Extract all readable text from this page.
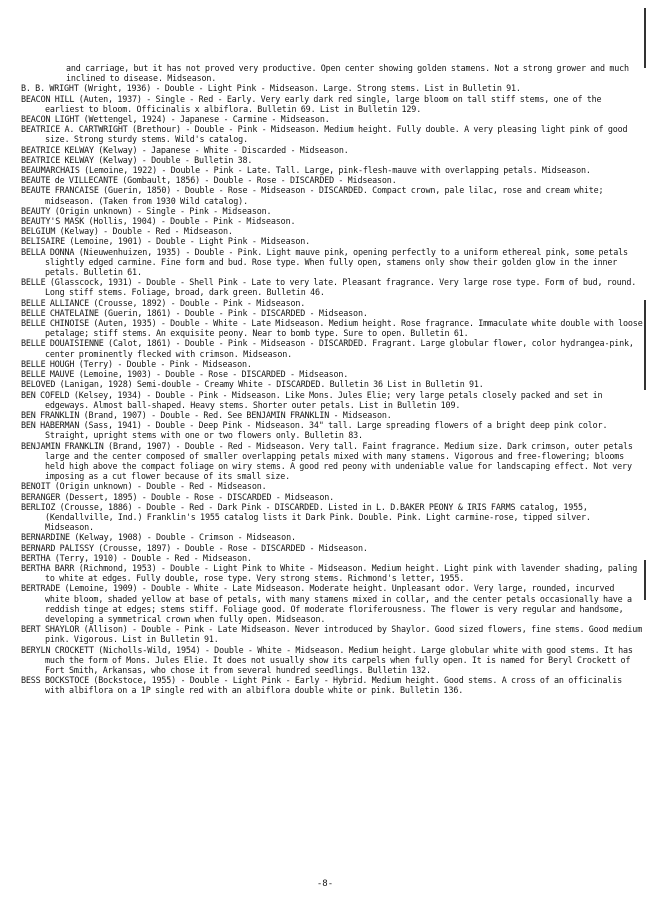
and carriage, but it has not proved very productive. Open center showing golden stamens. Not a strong grower and much inclined to disease. Midseason.

B. B. WRIGHT (Wright, 1936) - Double - Light Pink - Midseason. Large. Strong stems. List in Bulletin 91.

BEACON HILL (Auten, 1937) - Single - Red - Early. Very early dark red single, large bloom on tall stiff stems, one of the earliest to bloom. Officinalis x albiflora. Bulletin 69. List in Bulletin 129.

BEACON LIGHT (Wettengel, 1924) - Japanese - Carmine - Midseason.

BEATRICE A. CARTWRIGHT (Brethour) - Double - Pink - Midseason. Medium height. Fully double. A very pleasing light pink of good size. Strong sturdy stems. Wild's catalog.

BEATRICE KELWAY (Kelway) - Japanese - White - Discarded - Midseason.

BEATRICE KELWAY (Kelway) - Double - Bulletin 38.

BEAUMARCHAIS (Lemoine, 1922) - Double - Pink - Late. Tall. Large, pink-flesh-mauve with overlapping petals. Midseason.

BEAUTE de VILLECANTE (Gombault, 1856) - Double - Rose - DISCARDED - Midseason.

BEAUTE FRANCAISE (Guerin, 1850) - Double - Rose - Midseason - DISCARDED. Compact crown, pale lilac, rose and cream white; midseason. (Taken from 1930 Wild catalog).

BEAUTY (Origin unknown) - Single - Pink - Midseason.

BEAUTY'S MASK (Hollis, 1904) - Double - Pink - Midseason.

BELGIUM (Kelway) - Double - Red - Midseason.

BELISAIRE (Lemoine, 1901) - Double - Light Pink - Midseason.

BELLA DONNA (Nieuwenhuizen, 1935) - Double - Pink. Light mauve pink, opening perfectly to a uniform ethereal pink, some petals slightly edged carmine. Fine form and bud. Rose type. When fully open, stamens only show their golden glow in the inner petals. Bulletin 61.

BELLE (Glasscock, 1931) - Double - Shell Pink - Late to very late. Pleasant fragrance. Very large rose type. Form of bud, round. Long stiff stems. Foliage, broad, dark green. Bulletin 46.

BELLE ALLIANCE (Crousse, 1892) - Double - Pink - Midseason.

BELLE CHATELAINE (Guerin, 1861) - Double - Pink - DISCARDED - Midseason.

BELLE CHINOISE (Auten, 1935) - Double - White - Late Midseason. Medium height. Rose fragrance. Immaculate white double with loose petalage; stiff stems. An exquisite peony. Near to bomb type. Sure to open. Bulletin 61.

BELLE DOUAISIENNE (Calot, 1861) - Double - Pink - Midseason - DISCARDED. Fragrant. Large globular flower, color hydrangea-pink, center prominently flecked with crimson. Midseason.

BELLE HOUGH (Terry) - Double - Pink - Midseason.

BELLE MAUVE (Lemoine, 1903) - Double - Rose - DISCARDED - Midseason.

BELOVED (Lanigan, 1928) Semi-double - Creamy White - DISCARDED. Bulletin 36 List in Bulletin 91.

BEN COFELD (Kelsey, 1934) - Double - Pink - Midseason. Like Mons. Jules Elie; very large petals closely packed and set in edgeways. Almost ball-shaped. Heavy stems. Shorter outer petals. List in Bulletin 109.

BEN FRANKLIN (Brand, 1907) - Double - Red. See BENJAMIN FRANKLIN - Midseason.

BEN HABERMAN (Sass, 1941) - Double - Deep Pink - Midseason. 34" tall. Large spreading flowers of a bright deep pink color. Straight, upright stems with one or two flowers only. Bulletin 83.

BENJAMIN FRANKLIN (Brand, 1907) - Double - Red - Midseason. Very tall. Faint fragrance. Medium size. Dark crimson, outer petals large and the center composed of smaller overlapping petals mixed with many stamens. Vigorous and free-flowering; blooms held high above the compact foliage on wiry stems. A good red peony with undeniable value for landscaping effect. Not very imposing as a cut flower because of its small size.

BENOIT (Origin unknown) - Double - Red - Midseason.

BERANGER (Dessert, 1895) - Double - Rose - DISCARDED - Midseason.

BERLIOZ (Crousse, 1886) - Double - Red - Dark Pink - DISCARDED. Listed in L. D.BAKER PEONY & IRIS FARMS catalog, 1955, (Kendallville, Ind.) Franklin's 1955 catalog lists it Dark Pink. Double. Pink. Light carmine-rose, tipped silver. Midseason.

BERNARDINE (Kelway, 1908) - Double - Crimson - Midseason.

BERNARD PALISSY (Crousse, 1897) - Double - Rose - DISCARDED - Midseason.

BERTHA (Terry, 1910) - Double - Red - Midseason.

BERTHA BARR (Richmond, 1953) - Double - Light Pink to White - Midseason. Medium height. Light pink with lavender shading, paling to white at edges. Fully double, rose type. Very strong stems. Richmond's letter, 1955.

BERTRADE (Lemoine, 1909) - Double - White - Late Midseason. Moderate height. Unpleasant odor. Very large, rounded, incurved white bloom, shaded yellow at base of petals, with many stamens mixed in collar, and the center petals occasionally have a reddish tinge at edges; stems stiff. Foliage good. Of moderate floriferousness. The flower is very regular and handsome, developing a symmetrical crown when fully open. Midseason.

BERT SHAYLOR (Allison) - Double - Pink - Late Midseason. Never introduced by Shaylor. Good sized flowers, fine stems. Good medium pink. Vigorous. List in Bulletin 91.

BERYLN CROCKETT (Nicholls-Wild, 1954) - Double - White - Midseason. Medium height. Large globular white with good stems. It has much the form of Mons. Jules Elie. It does not usually show its carpels when fully open. It is named for Beryl Crockett of Fort Smith, Arkansas, who chose it from several hundred seedlings. Bulletin 132.

BESS BOCKSTOCE (Bockstoce, 1955) - Double - Light Pink - Early - Hybrid. Medium height. Good stems. A cross of an officinalis with albiflora on a 1P single red with an albiflora double white or pink. Bulletin 136.

-8-
